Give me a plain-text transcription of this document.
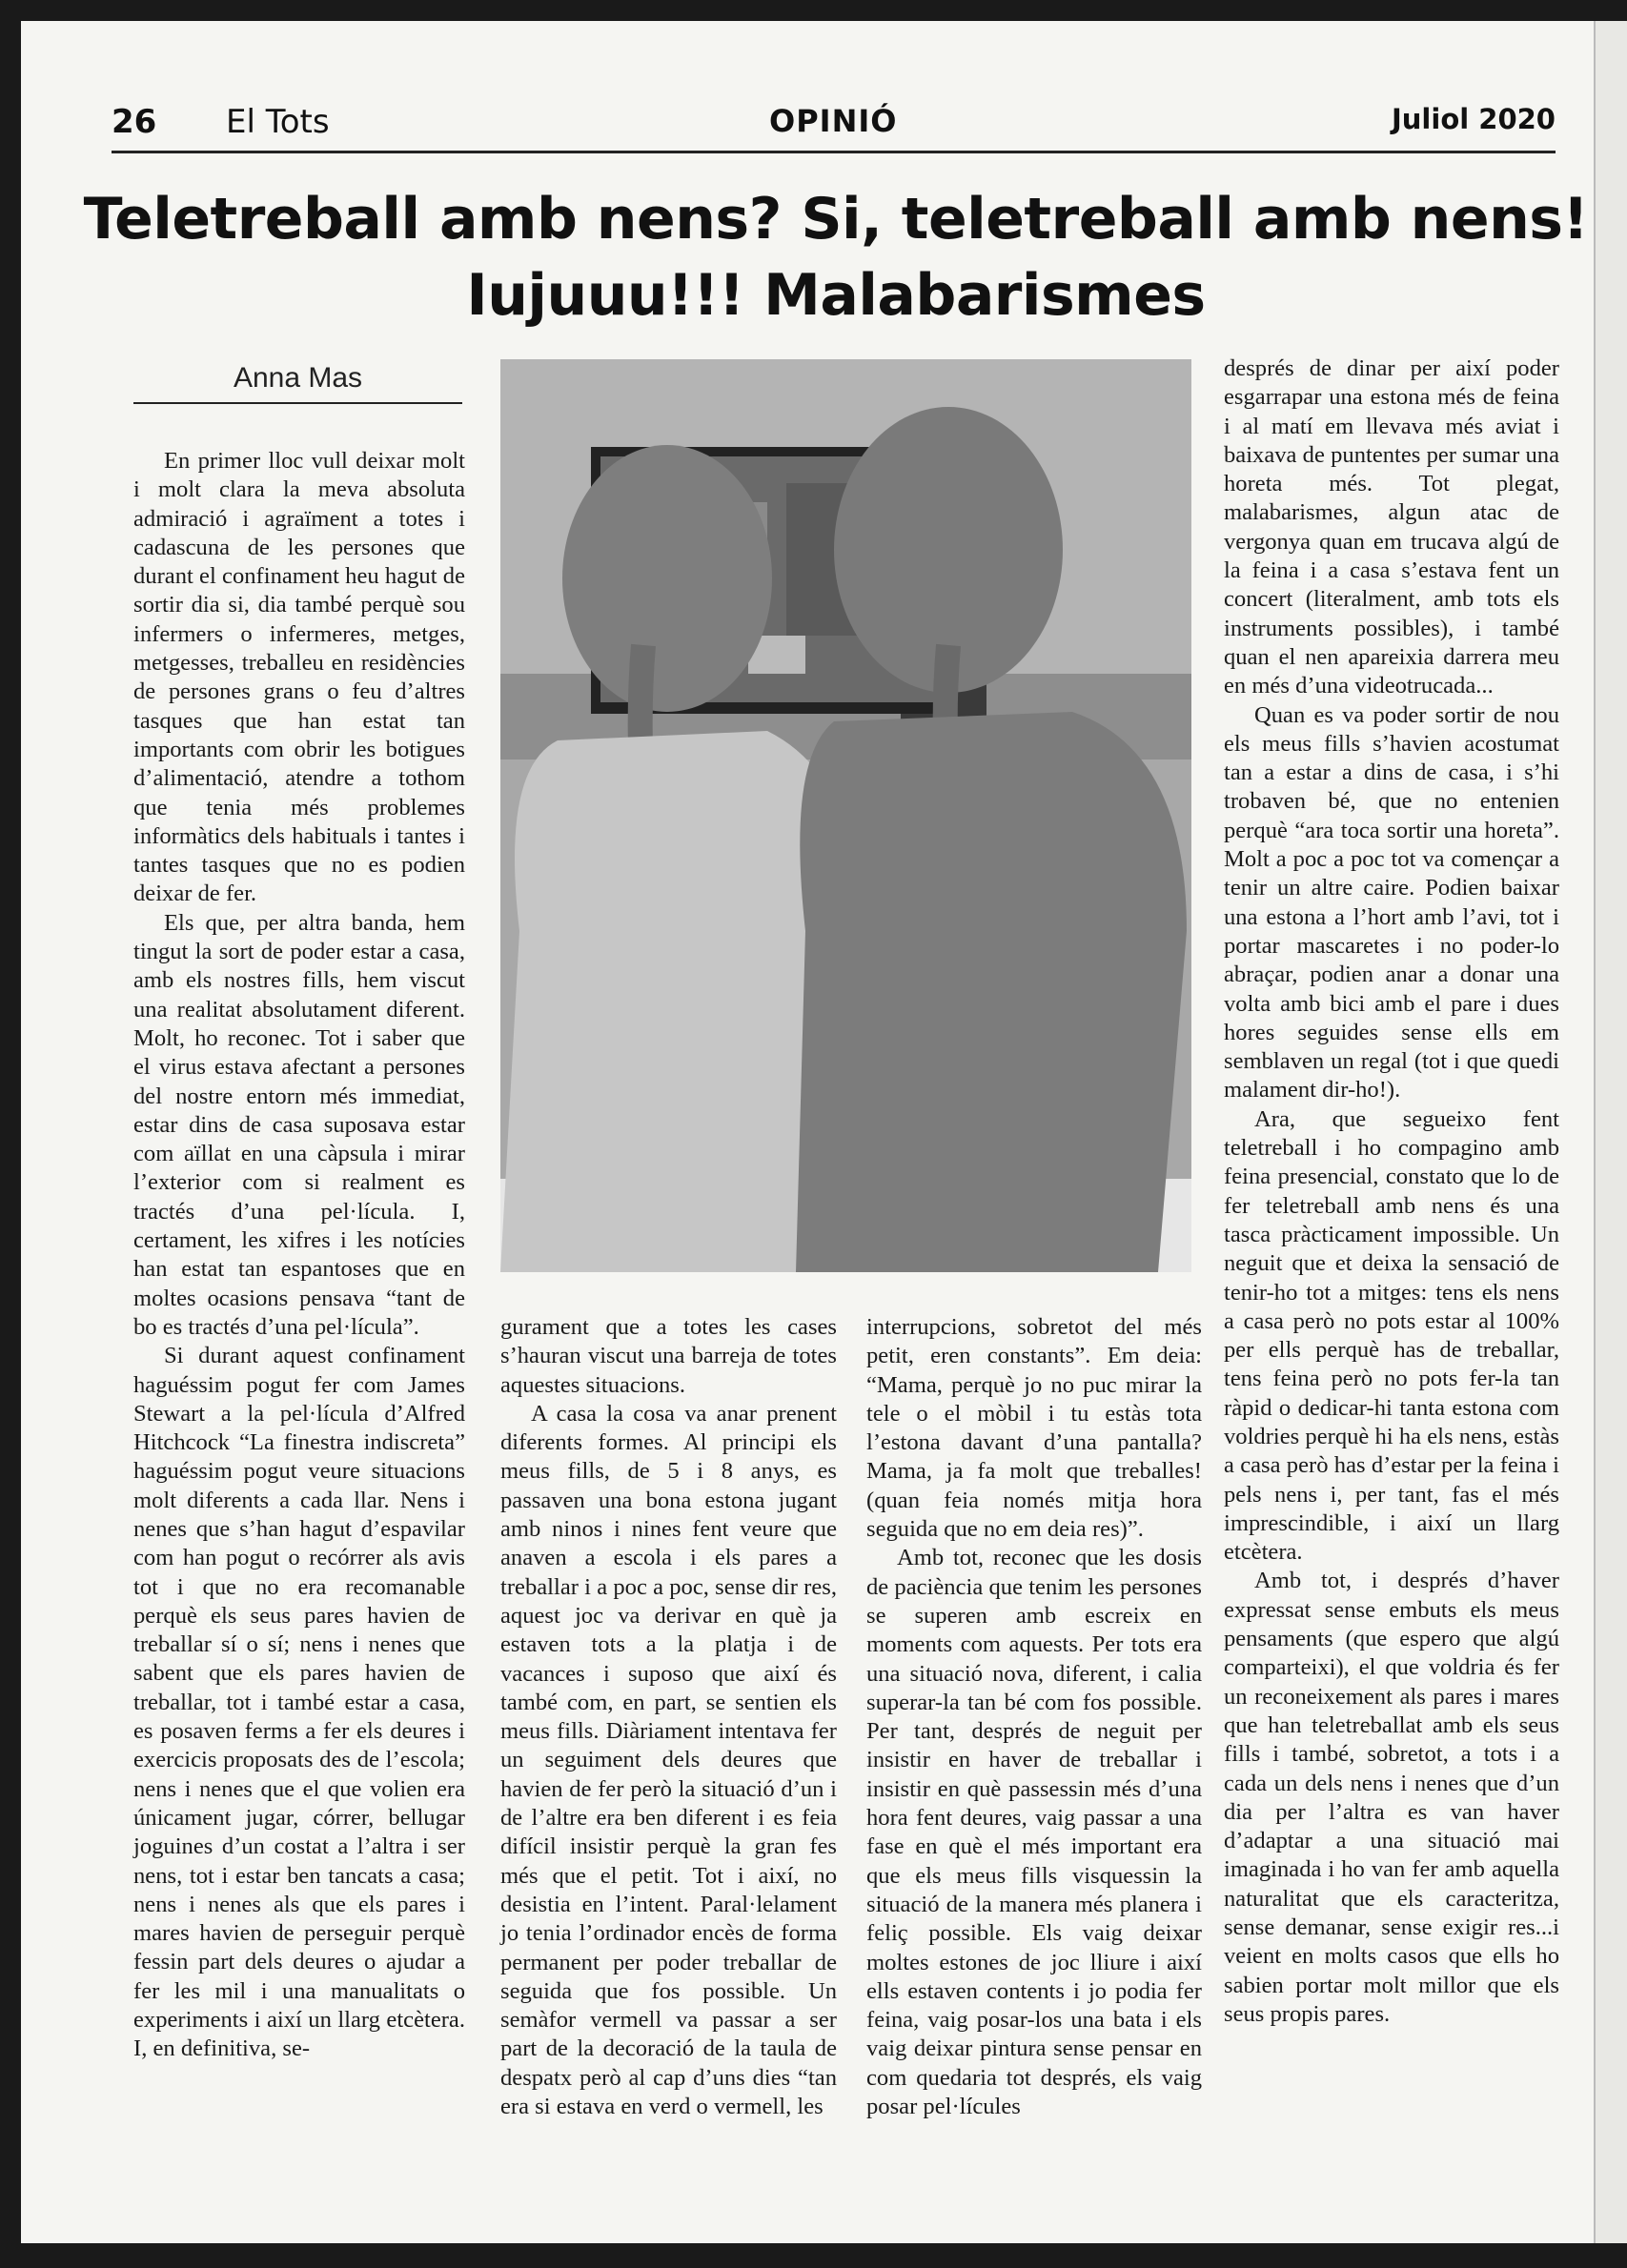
26 El Tots	OPINIÓ	Juliol 2020
Teletreball amb nens? Si, teletreball amb nens!
Iujuuu!!! Malabarismes
Anna Mas

En primer lloc vull deixar molt i molt clara la meva absoluta admiració i agraïment a totes i cadascuna de les persones que durant el confinament heu hagut de sortir dia si, dia també perquè sou infermers o infermeres, metges, metgesses, treballeu en residències de persones grans o feu d’altres tasques que han estat tan importants com obrir les botigues d’alimentació, atendre a tothom que tenia més problemes informàtics dels habituals i tantes i tantes tasques que no es podien deixar de fer.

Els que, per altra banda, hem tingut la sort de poder estar a casa, amb els nostres fills, hem viscut una realitat absolutament diferent. Molt, ho reconec. Tot i saber que el virus estava afectant a persones del nostre entorn més immediat, estar dins de casa suposava estar com aïllat en una càpsula i mirar l’exterior com si realment es tractés d’una pel·lícula. I, certament, les xifres i les notícies han estat tan espantoses que en moltes ocasions pensava “tant de bo es tractés d’una pel·lícula”.

Si durant aquest confinament haguéssim pogut fer com James Stewart a la pel·lícula d’Alfred Hitchcock “La finestra indiscreta” haguéssim pogut veure situacions molt diferents a cada llar. Nens i nenes que s’han hagut d’espavilar com han pogut o recórrer als avis tot i que no era recomanable perquè els seus pares havien de treballar sí o sí; nens i nenes que sabent que els pares havien de treballar, tot i també estar a casa, es posaven ferms a fer els deures i exercicis proposats des de l’escola; nens i nenes que el que volien era únicament jugar, córrer, bellugar joguines d’un costat a l’altra i ser nens, tot i estar ben tancats a casa; nens i nenes als que els pares i mares havien de perseguir perquè fessin part dels deures o ajudar a fer les mil i una manualitats o experiments i així un llarg etcètera. I, en definitiva, se-

gurament que a totes les cases s’hauran viscut una barreja de totes aquestes situacions.

A casa la cosa va anar prenent diferents formes. Al principi els meus fills, de 5 i 8 anys, es passaven una bona estona jugant amb ninos i nines fent veure que anaven a escola i els pares a treballar i a poc a poc, sense dir res, aquest joc va derivar en què ja estaven tots a la platja i de vacances i suposo que així és també com, en part, se sentien els meus fills. Diàriament intentava fer un seguiment dels deures que havien de fer però la situació d’un i de l’altre era ben diferent i es feia difícil insistir perquè la gran fes més que el petit. Tot i així, no desistia en l’intent. Paral·lelament jo tenia l’ordinador encès de forma permanent per poder treballar de seguida que fos possible. Un semàfor vermell va passar a ser part de la decoració de la taula de despatx però al cap d’uns dies “tan era si estava en verd o vermell, les

interrupcions, sobretot del més petit, eren constants”. Em deia: “Mama, perquè jo no puc mirar la tele o el mòbil i tu estàs tota l’estona davant d’una pantalla? Mama, ja fa molt que treballes! (quan feia només mitja hora seguida que no em deia res)”.

Amb tot, reconec que les dosis de paciència que tenim les persones se superen amb escreix en moments com aquests. Per tots era una situació nova, diferent, i calia superar-la tan bé com fos possible. Per tant, després de neguit per insistir en haver de treballar i insistir en què passessin més d’una hora fent deures, vaig passar a una fase en què el més important era que els meus fills visquessin la situació de la manera més planera i feliç possible. Els vaig deixar moltes estones de joc lliure i així ells estaven contents i jo podia fer feina, vaig posar-los una bata i els vaig deixar pintura sense pensar en com quedaria tot després, els vaig posar pel·lícules

després de dinar per així poder esgarrapar una estona més de feina i al matí em llevava més aviat i baixava de puntentes per sumar una horeta més. Tot plegat, malabarismes, algun atac de vergonya quan em trucava algú de la feina i a casa s’estava fent un concert (literalment, amb tots els instruments possibles), i també quan el nen apareixia darrera meu en més d’una videotrucada...

Quan es va poder sortir de nou els meus fills s’havien acostumat tan a estar a dins de casa, i s’hi trobaven bé, que no entenien perquè “ara toca sortir una horeta”. Molt a poc a poc tot va començar a tenir un altre caire. Podien baixar una estona a l’hort amb l’avi, tot i portar mascaretes i no poder-lo abraçar, podien anar a donar una volta amb bici amb el pare i dues hores seguides sense ells em semblaven un regal (tot i que quedi malament dir-ho!).

Ara, que segueixo fent teletreball i ho compagino amb feina presencial, constato que lo de fer teletreball amb nens és una tasca pràcticament impossible. Un neguit que et deixa la sensació de tenir-ho tot a mitges: tens els nens a casa però no pots estar al 100% per ells perquè has de treballar, tens feina però no pots fer-la tan ràpid o dedicar-hi tanta estona com voldries perquè hi ha els nens, estàs a casa però has d’estar per la feina i pels nens i, per tant, fas el més imprescindible, i així un llarg etcètera.

Amb tot, i després d’haver expressat sense embuts els meus pensaments (que espero que algú comparteixi), el que voldria és fer un reconeixement als pares i mares que han teletreballat amb els seus fills i també, sobretot, a tots i a cada un dels nens i nenes que d’un dia per l’altra es van haver d’adaptar a una situació mai imaginada i ho van fer amb aquella naturalitat que els caracteritza, sense demanar, sense exigir res...i veient en molts casos que ells ho sabien portar molt millor que els seus propis pares.
